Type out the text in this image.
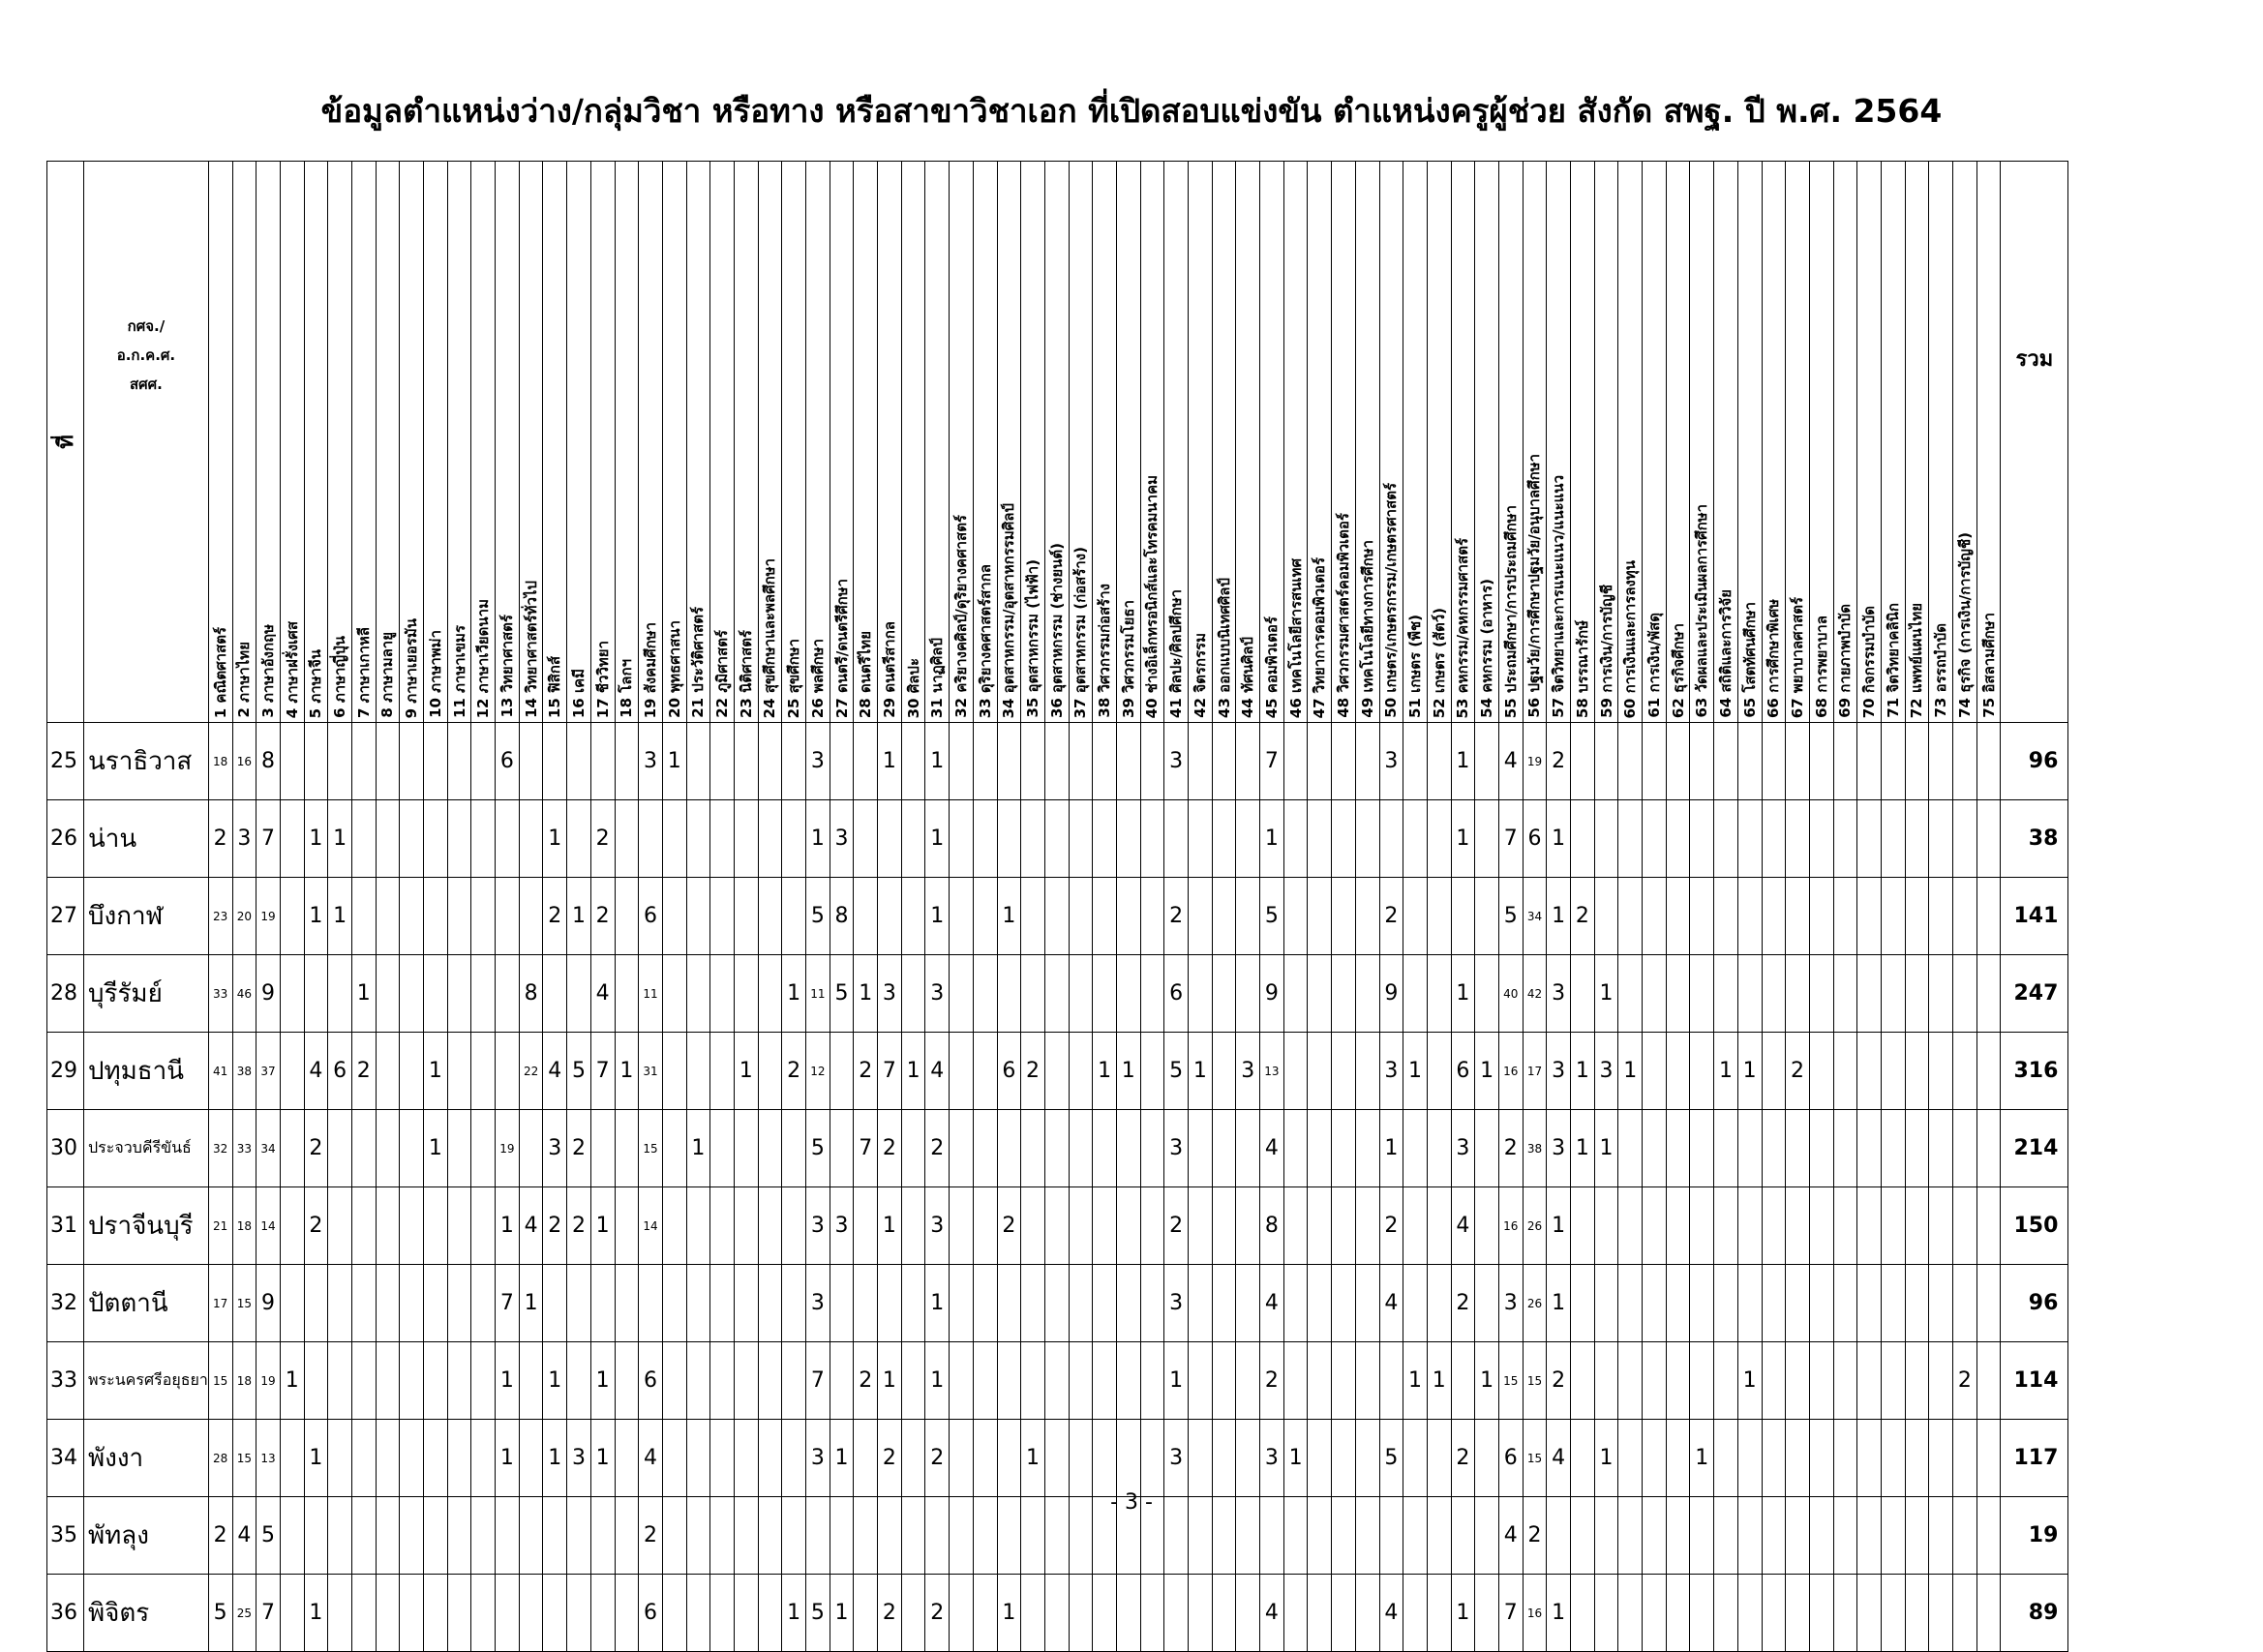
ข้อมูลตำแหน่งว่าง/กลุ่มวิชา หรือทาง หรือสาขาวิชาเอก ที่เปิดสอบแข่งขัน ตำแหน่งครูผู้ช่วย สังกัด สพฐ. ปี พ.ศ. 2564
ที่	กศจ./
อ.ก.ค.ศ.
สศศ.	1 คณิตศาสตร์	2 ภาษาไทย	3 ภาษาอังกฤษ	4 ภาษาฝรั่งเศส	5 ภาษาจีน	6 ภาษาญี่ปุ่น	7 ภาษาเกาหลี	8 ภาษามลายู	9 ภาษาเยอรมัน	10 ภาษาพม่า	11 ภาษาเขมร	12 ภาษาเวียดนาม	13 วิทยาศาสตร์	14 วิทยาศาสตร์ทั่วไป	15 ฟิสิกส์	16 เคมี	17 ชีววิทยา	18 โลกฯ	19 สังคมศึกษา	20 พุทธศาสนา	21 ประวัติศาสตร์	22 ภูมิศาสตร์	23 นิติศาสตร์	24 สุขศึกษาและพลศึกษา	25 สุขศึกษา	26 พลศึกษา	27 ดนตรี/ดนตรีศึกษา	28 ดนตรีไทย	29 ดนตรีสากล	30 ศิลปะ	31 นาฏศิลป์	32 คริยางคศิลป์/ดุริยางคศาสตร์	33 ดุริยางคศาสตร์สากล	34 อุตสาหกรรม/อุตสาหกรรมศิลป์	35 อุตสาหกรรม (ไฟฟ้า)	36 อุตสาหกรรม (ช่างยนต์)	37 อุตสาหกรรม (ก่อสร้าง)	38 วิศวกรรมก่อสร้าง	39 วิศวกรรมโยธา	40 ช่างอิเล็กทรอนิกส์และโทรคมนาคม	41 ศิลปะ/ศิลปศึกษา	42 จิตรกรรม	43 ออกแบบนิเทศศิลป์	44 ทัศนศิลป์	45 คอมพิวเตอร์	46 เทคโนโลยีสารสนเทศ	47 วิทยาการคอมพิวเตอร์	48 วิศวกรรมศาสตร์คอมพิวเตอร์	49 เทคโนโลยีทางการศึกษา	50 เกษตร/เกษตรกรรม/เกษตรศาสตร์	51 เกษตร (พืช)	52 เกษตร (สัตว์)	53 คหกรรม/คหกรรมศาสตร์	54 คหกรรม (อาหาร)	55 ประถมศึกษา/การประถมศึกษา	56 ปฐมวัย/การศึกษาปฐมวัย/อนุบาลศึกษา	57 จิตวิทยาและการแนะแนว/แนะแนว	58 บรรณารักษ์	59 การเงิน/การบัญชี	60 การเงินและการลงทุน	61 การเงิน/พัสดุ	62 ธุรกิจศึกษา	63 วัดผลและประเมินผลการศึกษา	64 สถิติและการวิจัย	65 โสตทัศนศึกษา	66 การศึกษาพิเศษ	67 พยาบาลศาสตร์	68 การพยาบาล	69 กายภาพบำบัด	70 กิจกรรมบำบัด	71 จิตวิทยาคลินิก	72 แพทย์แผนไทย	73 อรรถบำบัด	74 ธุรกิจ (การเงิน/การบัญชี)	75 อิสลามศึกษา	รวม
25	นราธิวาส	18	16	8										6						3	1						3			1		1										3				7					3			1		4	19	2																			96
26	น่าน	2	3	7		1	1									1		2									1	3				1														1								1		7	6	1																			38
27	บึงกาฬ	23	20	19		1	1									2	1	2		6							5	8				1			1							2				5					2					5	34	1	2																		141
28	บุรีรัมย์	33	46	9				1							8			4		11						1	11	5	1	3		3										6				9					9			1		40	42	3		1																	247
29	ปทุมธานี	41	38	37		4	6	2			1				22	4	5	7	1	31				1		2	12		2	7	1	4			6	2			1	1		5	1		3	13					3	1		6	1	16	17	3	1	3	1				1	1		2									316
30	ประจวบคีรีขันธ์	32	33	34		2					1			19		3	2			15		1					5		7	2		2										3				4					1			3		2	38	3	1	1																	214
31	ปราจีนบุรี	21	18	14		2								1	4	2	2	1		14							3	3		1		3			2							2				8					2			4		16	26	1																			150
32	ปัตตานี	17	15	9										7	1												3					1										3				4					4			2		3	26	1																			96
33	พระนครศรีอยุธยา	15	18	19	1									1		1		1		6							7		2	1		1										1				2						1	1		1	15	15	2								1									2		114
34	พังงา	28	15	13		1								1		1	3	1		4							3	1		2		2				1						3				3	1				5			2		6	15	4		1				1													117
35	พัทลุง	2	4	5																2																																				4	2																				19
36	พิจิตร	5	25	7		1														6						1	5	1		2		2			1											4					4			1		7	16	1																			89
- 3 -
